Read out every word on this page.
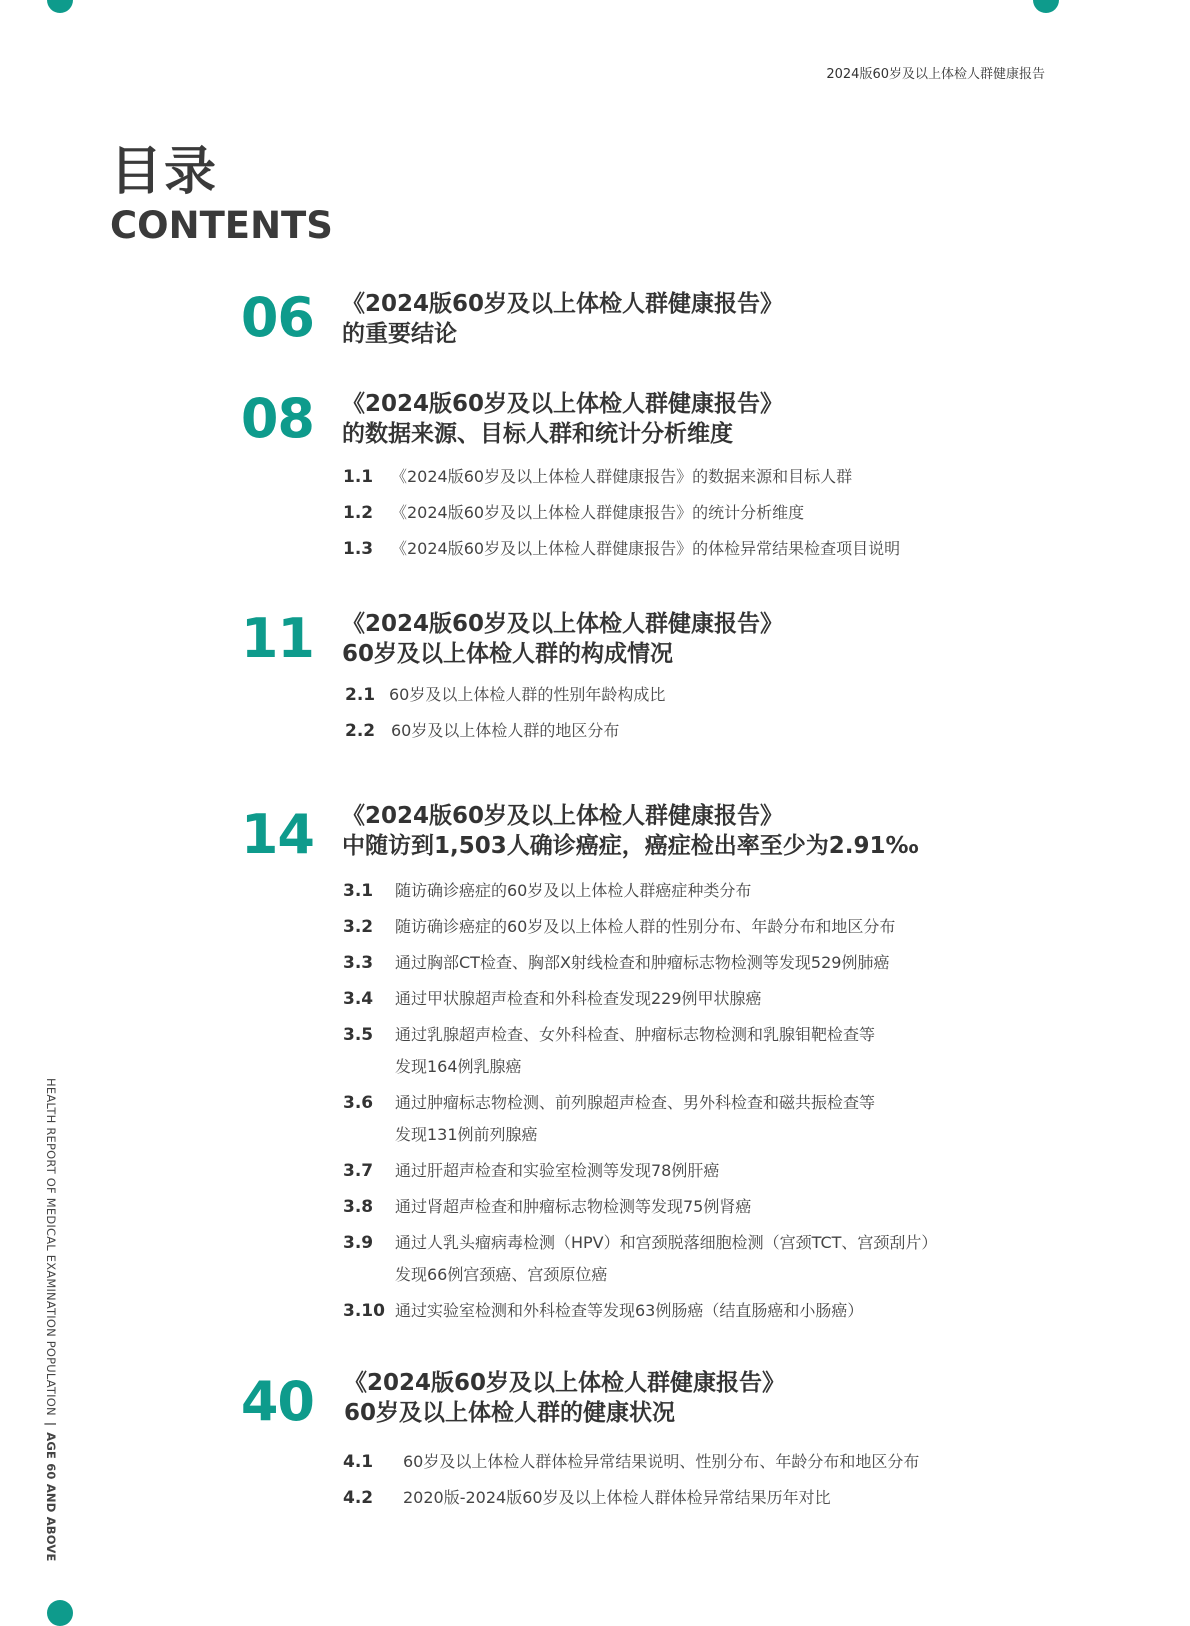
2024版60岁及以上体检人群健康报告
目录
CONTENTS
06 《2024版60岁及以上体检人群健康报告》
的重要结论
08 《2024版60岁及以上体检人群健康报告》
的数据来源、目标人群和统计分析维度
1.1 《2024版60岁及以上体检人群健康报告》的数据来源和目标人群
1.2 《2024版60岁及以上体检人群健康报告》的统计分析维度
1.3 《2024版60岁及以上体检人群健康报告》的体检异常结果检查项目说明
11 《2024版60岁及以上体检人群健康报告》
60岁及以上体检人群的构成情况
2.1 60岁及以上体检人群的性别年龄构成比
2.2 60岁及以上体检人群的地区分布
14 《2024版60岁及以上体检人群健康报告》
中随访到1,503人确诊癌症，癌症检出率至少为2.91‰
3.1 随访确诊癌症的60岁及以上体检人群癌症种类分布
3.2 随访确诊癌症的60岁及以上体检人群的性别分布、年龄分布和地区分布
3.3 通过胸部CT检查、胸部X射线检查和肿瘤标志物检测等发现529例肺癌
3.4 通过甲状腺超声检查和外科检查发现229例甲状腺癌
3.5 通过乳腺超声检查、女外科检查、肿瘤标志物检测和乳腺钼靶检查等
发现164例乳腺癌
3.6 通过肿瘤标志物检测、前列腺超声检查、男外科检查和磁共振检查等
发现131例前列腺癌
3.7 通过肝超声检查和实验室检测等发现78例肝癌
3.8 通过肾超声检查和肿瘤标志物检测等发现75例肾癌
3.9 通过人乳头瘤病毒检测（HPV）和宫颈脱落细胞检测（宫颈TCT、宫颈刮片）
发现66例宫颈癌、宫颈原位癌
3.10 通过实验室检测和外科检查等发现63例肠癌（结直肠癌和小肠癌）
40 《2024版60岁及以上体检人群健康报告》
60岁及以上体检人群的健康状况
4.1 60岁及以上体检人群体检异常结果说明、性别分布、年龄分布和地区分布
4.2 2020版-2024版60岁及以上体检人群体检异常结果历年对比
HEALTH REPORT OF MEDICAL EXAMINATION POPULATION|AGE 60 AND ABOVE
